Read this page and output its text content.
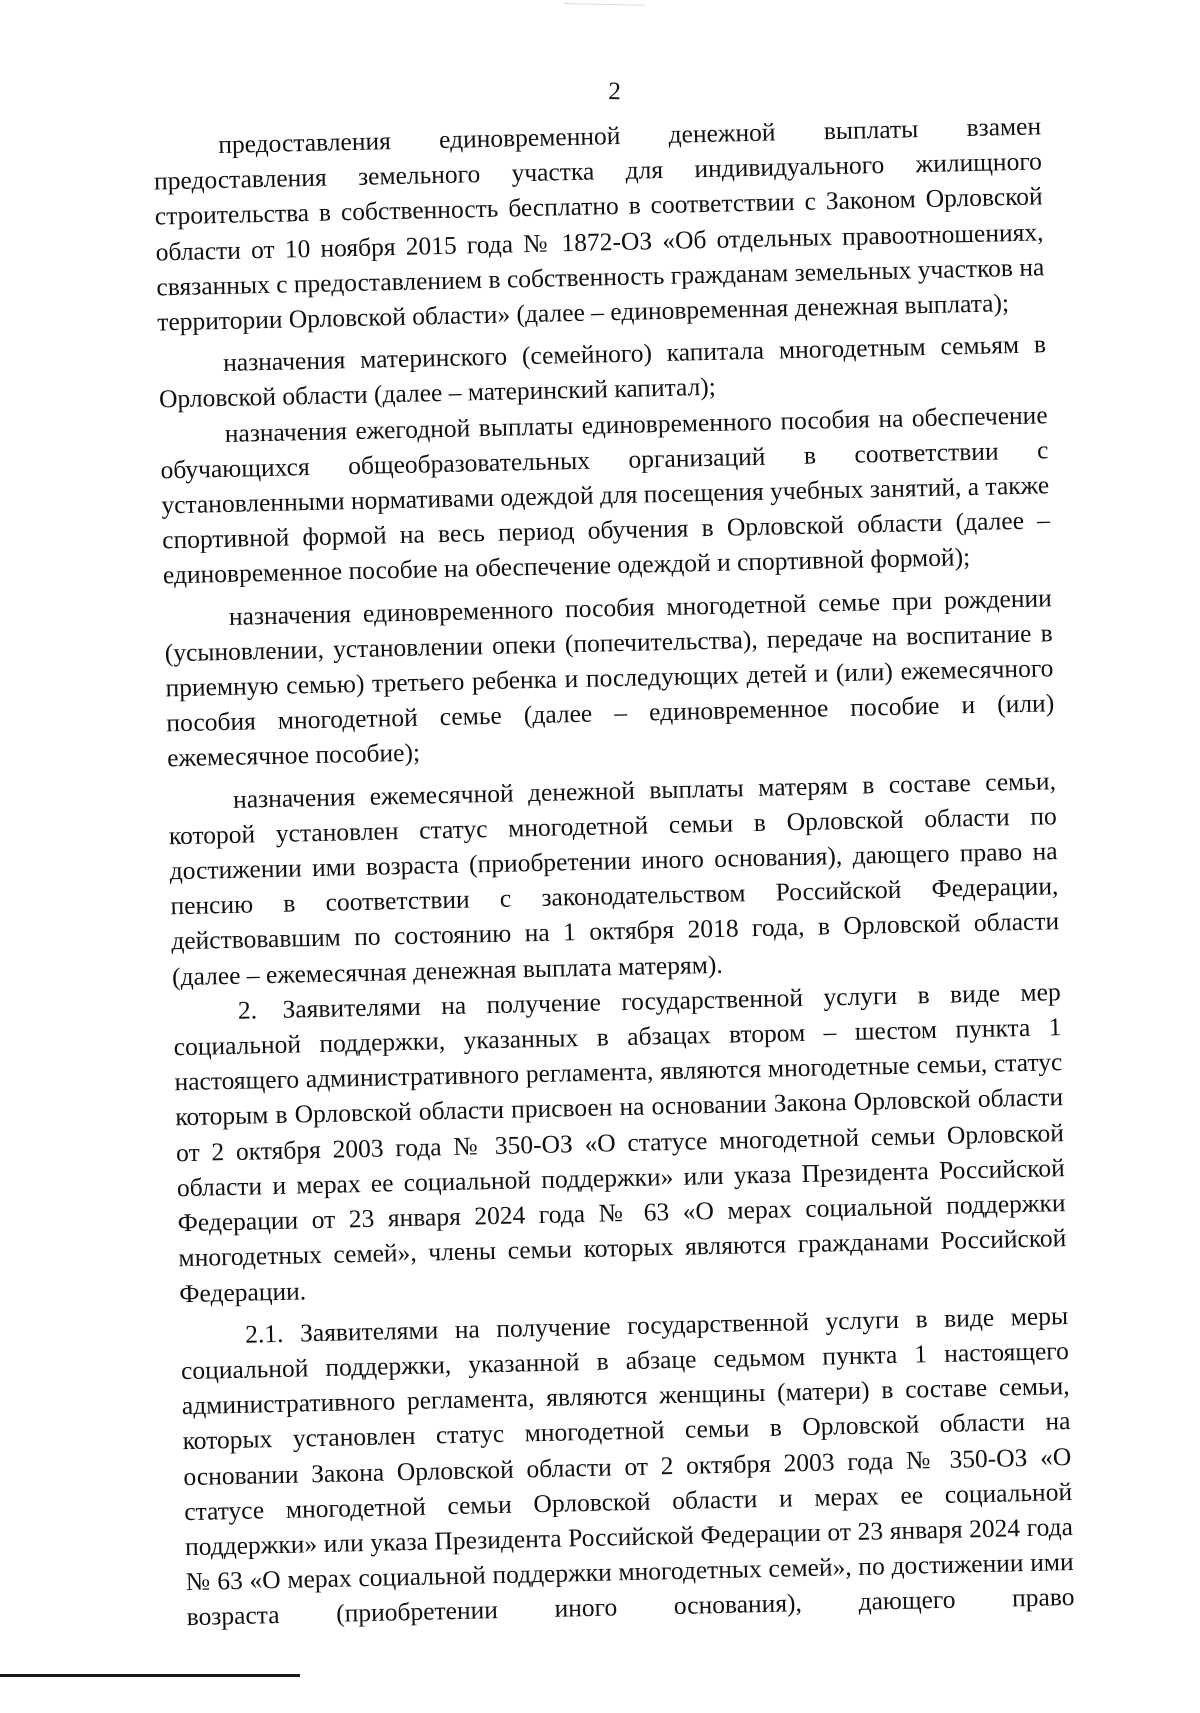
2

предоставления единовременной денежной выплаты взамен предоставления земельного участка для индивидуального жилищного строительства в собственность бесплатно в соответствии с Законом Орловской области от 10 ноября 2015 года № 1872-ОЗ «Об отдельных правоотношениях, связанных с предоставлением в собственность гражданам земельных участков на территории Орловской области» (далее – единовременная денежная выплата);

назначения материнского (семейного) капитала многодетным семьям в Орловской области (далее – материнский капитал);

назначения ежегодной выплаты единовременного пособия на обеспечение обучающихся общеобразовательных организаций в соответствии с установленными нормативами одеждой для посещения учебных занятий, а также спортивной формой на весь период обучения в Орловской области (далее – единовременное пособие на обеспечение одеждой и спортивной формой);

назначения единовременного пособия многодетной семье при рождении (усыновлении, установлении опеки (попечительства), передаче на воспитание в приемную семью) третьего ребенка и последующих детей и (или) ежемесячного пособия многодетной семье (далее – единовременное пособие и (или) ежемесячное пособие);

назначения ежемесячной денежной выплаты матерям в составе семьи, которой установлен статус многодетной семьи в Орловской области по достижении ими возраста (приобретении иного основания), дающего право на пенсию в соответствии с законодательством Российской Федерации, действовавшим по состоянию на 1 октября 2018 года, в Орловской области (далее – ежемесячная денежная выплата матерям).

2. Заявителями на получение государственной услуги в виде мер социальной поддержки, указанных в абзацах втором – шестом пункта 1 настоящего административного регламента, являются многодетные семьи, статус которым в Орловской области присвоен на основании Закона Орловской области от 2 октября 2003 года № 350-ОЗ «О статусе многодетной семьи Орловской области и мерах ее социальной поддержки» или указа Президента Российской Федерации от 23 января 2024 года № 63 «О мерах социальной поддержки многодетных семей», члены семьи которых являются гражданами Российской Федерации.

2.1. Заявителями на получение государственной услуги в виде меры социальной поддержки, указанной в абзаце седьмом пункта 1 настоящего административного регламента, являются женщины (матери) в составе семьи, которых установлен статус многодетной семьи в Орловской области на основании Закона Орловской области от 2 октября 2003 года № 350-ОЗ «О статусе многодетной семьи Орловской области и мерах ее социальной поддержки» или указа Президента Российской Федерации от 23 января 2024 года № 63 «О мерах социальной поддержки многодетных семей», по достижении ими возраста (приобретении иного основания), дающего право
